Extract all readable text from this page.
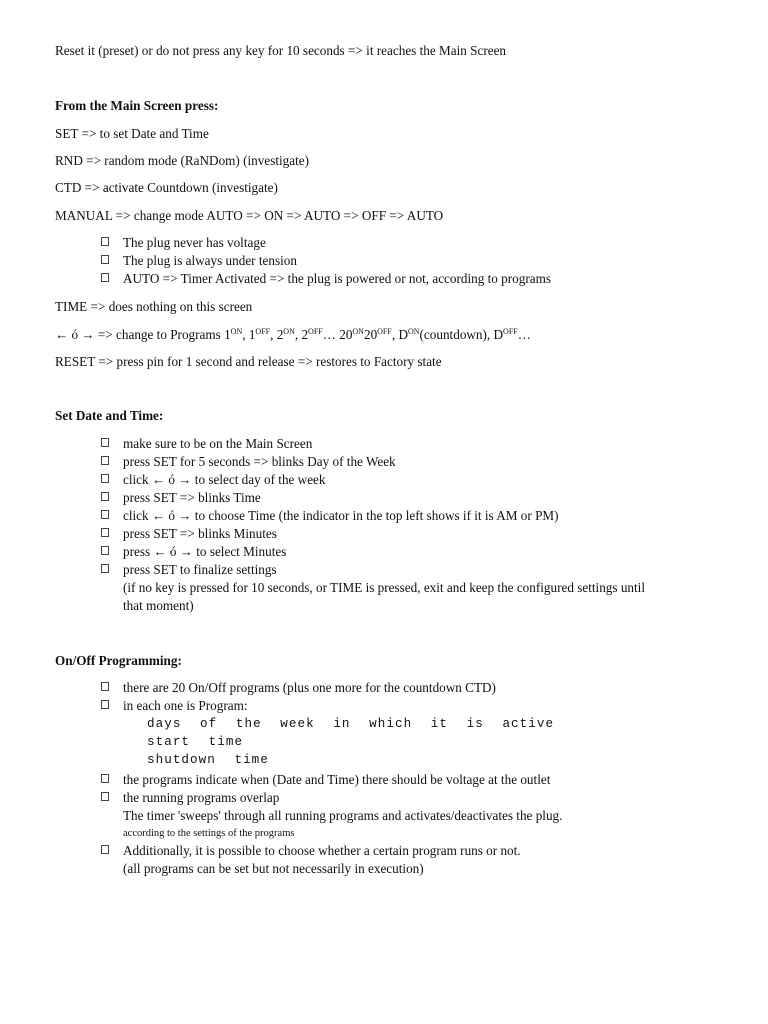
Reset it (preset) or do not press any key for 10 seconds => it reaches the Main Screen
From the Main Screen press:
SET => to set Date and Time
RND => random mode (RaNDom) (investigate)
CTD => activate Countdown (investigate)
MANUAL => change mode AUTO => ON => AUTO => OFF => AUTO
The plug never has voltage
The plug is always under tension
AUTO => Timer Activated => the plug is powered or not, according to programs
TIME => does nothing on this screen
← ó → => change to Programs $1^{ON}$, $1^{OFF}$, $2^{ON}$, $2^{OFF}\dots$ $20^{ON}20^{OFF}$, $D^{ON}(countdown)$, $D^{OFF}\dots$
RESET => press pin for 1 second and release => restores to Factory state
Set Date and Time:
make sure to be on the Main Screen
press SET for 5 seconds => blinks Day of the Week
click ← ó → to select day of the week
press SET => blinks Time
click ← ó → to choose Time (the indicator in the top left shows if it is AM or PM)
press SET => blinks Minutes
press ← ó → to select Minutes
press SET to finalize settings
(if no key is pressed for 10 seconds, or TIME is pressed, exit and keep the configured settings until
that moment)
On/Off Programming:
there are 20 On/Off programs (plus one more for the countdown CTD)
in each one is Program:
days of the week in which it is active
start time
shutdown time
the programs indicate when (Date and Time) there should be voltage at the outlet
the running programs overlap
The timer 'sweeps' through all running programs and activates/deactivates the plug.
according to the settings of the programs
Additionally, it is possible to choose whether a certain program runs or not.
(all programs can be set but not necessarily in execution)
